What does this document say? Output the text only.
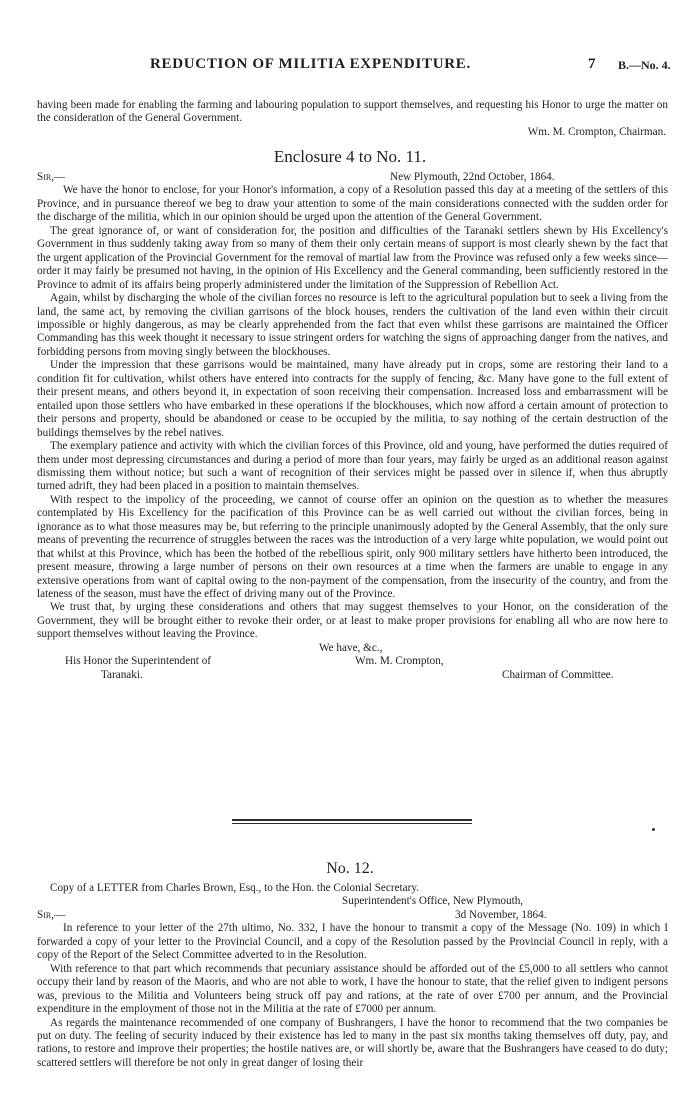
REDUCTION OF MILITIA EXPENDITURE.	7 B.—No. 4.

having been made for enabling the farming and labouring population to support themselves, and requesting his Honor to urge the matter on the consideration of the General Government.

Wm. M. Crompton, Chairman.

Enclosure 4 to No. 11.
Sir,—	New Plymouth, 22nd October, 1864.

We have the honor to enclose, for your Honor's information, a copy of a Resolution passed this day at a meeting of the settlers of this Province, and in pursuance thereof we beg to draw your attention to some of the main considerations connected with the sudden order for the discharge of the militia, which in our opinion should be urged upon the attention of the General Government.

The great ignorance of, or want of consideration for, the position and difficulties of the Taranaki settlers shewn by His Excellency's Government in thus suddenly taking away from so many of them their only certain means of support is most clearly shewn by the fact that the urgent application of the Provincial Government for the removal of martial law from the Province was refused only a few weeks since—order it may fairly be presumed not having, in the opinion of His Excellency and the General commanding, been sufficiently restored in the Province to admit of its affairs being properly administered under the limitation of the Suppression of Rebellion Act.

Again, whilst by discharging the whole of the civilian forces no resource is left to the agricultural population but to seek a living from the land, the same act, by removing the civilian garrisons of the block houses, renders the cultivation of the land even within their circuit impossible or highly dangerous, as may be clearly apprehended from the fact that even whilst these garrisons are maintained the Officer Commanding has this week thought it necessary to issue stringent orders for watching the signs of approaching danger from the natives, and forbidding persons from moving singly between the blockhouses.

Under the impression that these garrisons would be maintained, many have already put in crops, some are restoring their land to a condition fit for cultivation, whilst others have entered into contracts for the supply of fencing, &c. Many have gone to the full extent of their present means, and others beyond it, in expectation of soon receiving their compensation. Increased loss and embarrassment will be entailed upon those settlers who have embarked in these operations if the blockhouses, which now afford a certain amount of protection to their persons and property, should be abandoned or cease to be occupied by the militia, to say nothing of the certain destruction of the buildings themselves by the rebel natives.

The exemplary patience and activity with which the civilian forces of this Province, old and young, have performed the duties required of them under most depressing circumstances and during a period of more than four years, may fairly be urged as an additional reason against dismissing them without notice; but such a want of recognition of their services might be passed over in silence if, when thus abruptly turned adrift, they had been placed in a position to maintain themselves.

With respect to the impolicy of the proceeding, we cannot of course offer an opinion on the question as to whether the measures contemplated by His Excellency for the pacification of this Province can be as well carried out without the civilian forces, being in ignorance as to what those measures may be, but referring to the principle unanimously adopted by the General Assembly, that the only sure means of preventing the recurrence of struggles between the races was the introduction of a very large white population, we would point out that whilst at this Province, which has been the hotbed of the rebellious spirit, only 900 military settlers have hitherto been introduced, the present measure, throwing a large number of persons on their own resources at a time when the farmers are unable to engage in any extensive operations from want of capital owing to the non-payment of the compensation, from the insecurity of the country, and from the lateness of the season, must have the effect of driving many out of the Province.

We trust that, by urging these considerations and others that may suggest themselves to your Honor, on the consideration of the Government, they will be brought either to revoke their order, or at least to make proper provisions for enabling all who are now here to support themselves without leaving the Province.

We have, &c.,
His Honor the Superintendent of	Wm. M. Crompton,
Taranaki.	Chairman of Committee.
No. 12.

Copy of a LETTER from Charles Brown, Esq., to the Hon. the Colonial Secretary.

Superintendent's Office, New Plymouth,
Sir,—	3d November, 1864.

In reference to your letter of the 27th ultimo, No. 332, I have the honour to transmit a copy of the Message (No. 109) in which I forwarded a copy of your letter to the Provincial Council, and a copy of the Resolution passed by the Provincial Council in reply, with a copy of the Report of the Select Committee adverted to in the Resolution.

With reference to that part which recommends that pecuniary assistance should be afforded out of the £5,000 to all settlers who cannot occupy their land by reason of the Maoris, and who are not able to work, I have the honour to state, that the relief given to indigent persons was, previous to the Militia and Volunteers being struck off pay and rations, at the rate of over £700 per annum, and the Provincial expenditure in the employment of those not in the Militia at the rate of £7000 per annum.

As regards the maintenance recommended of one company of Bushrangers, I have the honor to recommend that the two companies be put on duty. The feeling of security induced by their existence has led to many in the past six months taking themselves off duty, pay, and rations, to restore and improve their properties; the hostile natives are, or will shortly be, aware that the Bushrangers have ceased to do duty; scattered settlers will therefore be not only in great danger of losing their
